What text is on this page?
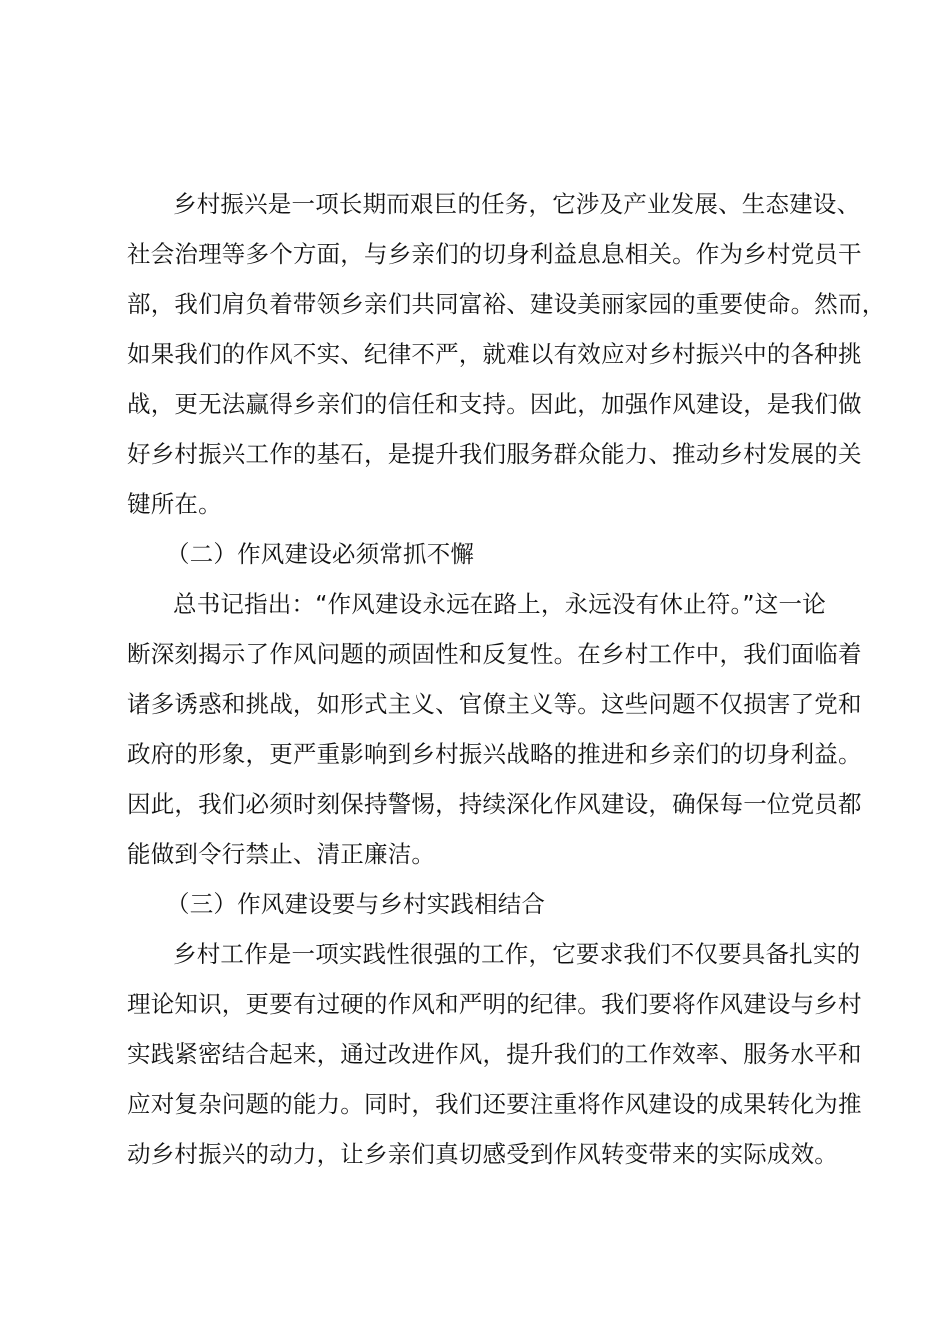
乡村振兴是一项长期而艰巨的任务，它涉及产业发展、生态建设、
社会治理等多个方面，与乡亲们的切身利益息息相关。作为乡村党员干
部，我们肩负着带领乡亲们共同富裕、建设美丽家园的重要使命。然而，
如果我们的作风不实、纪律不严，就难以有效应对乡村振兴中的各种挑
战，更无法赢得乡亲们的信任和支持。因此，加强作风建设，是我们做
好乡村振兴工作的基石，是提升我们服务群众能力、推动乡村发展的关
键所在。
（二）作风建设必须常抓不懈
总书记指出：“作风建设永远在路上，永远没有休止符。”这一论
断深刻揭示了作风问题的顽固性和反复性。在乡村工作中，我们面临着
诸多诱惑和挑战，如形式主义、官僚主义等。这些问题不仅损害了党和
政府的形象，更严重影响到乡村振兴战略的推进和乡亲们的切身利益。
因此，我们必须时刻保持警惕，持续深化作风建设，确保每一位党员都
能做到令行禁止、清正廉洁。
（三）作风建设要与乡村实践相结合
乡村工作是一项实践性很强的工作，它要求我们不仅要具备扎实的
理论知识，更要有过硬的作风和严明的纪律。我们要将作风建设与乡村
实践紧密结合起来，通过改进作风，提升我们的工作效率、服务水平和
应对复杂问题的能力。同时，我们还要注重将作风建设的成果转化为推
动乡村振兴的动力，让乡亲们真切感受到作风转变带来的实际成效。
